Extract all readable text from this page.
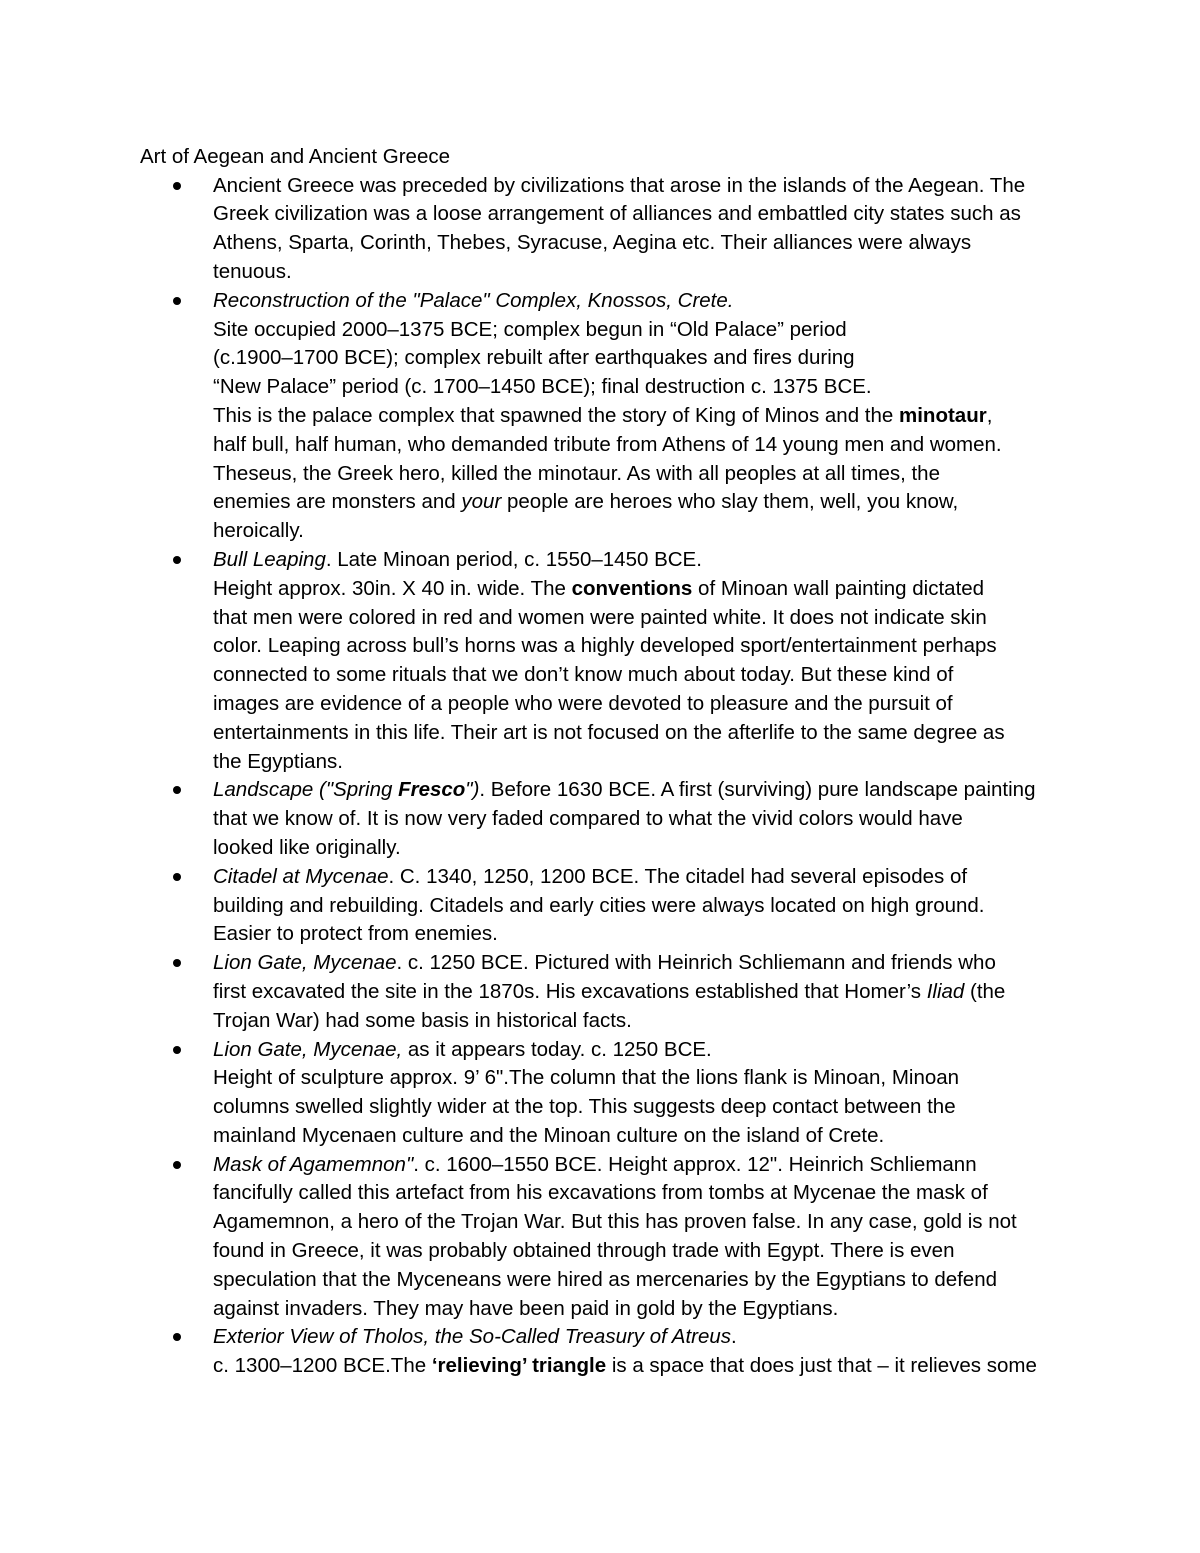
Art of Aegean and Ancient Greece
Ancient Greece was preceded by civilizations that arose in the islands of the Aegean. The
Greek civilization was a loose arrangement of alliances and embattled city states such as
Athens, Sparta, Corinth, Thebes, Syracuse, Aegina etc. Their alliances were always
tenuous.
Reconstruction of the "Palace" Complex, Knossos, Crete.
Site occupied 2000–1375 BCE; complex begun in “Old Palace” period
(c.1900–1700 BCE); complex rebuilt after earthquakes and fires during
“New Palace” period (c. 1700–1450 BCE); final destruction c. 1375 BCE.
This is the palace complex that spawned the story of King of Minos and the minotaur,
half bull, half human, who demanded tribute from Athens of 14 young men and women.
Theseus, the Greek hero, killed the minotaur. As with all peoples at all times, the
enemies are monsters and your people are heroes who slay them, well, you know,
heroically.
Bull Leaping. Late Minoan period, c. 1550–1450 BCE.
Height approx. 30in. X 40 in. wide. The conventions of Minoan wall painting dictated
that men were colored in red and women were painted white. It does not indicate skin
color. Leaping across bull’s horns was a highly developed sport/entertainment perhaps
connected to some rituals that we don’t know much about today. But these kind of
images are evidence of a people who were devoted to pleasure and the pursuit of
entertainments in this life. Their art is not focused on the afterlife to the same degree as
the Egyptians.
Landscape ("Spring Fresco"). Before 1630 BCE. A first (surviving) pure landscape painting
that we know of. It is now very faded compared to what the vivid colors would have
looked like originally.
Citadel at Mycenae. C. 1340, 1250, 1200 BCE. The citadel had several episodes of
building and rebuilding. Citadels and early cities were always located on high ground.
Easier to protect from enemies.
Lion Gate, Mycenae. c. 1250 BCE. Pictured with Heinrich Schliemann and friends who
first excavated the site in the 1870s. His excavations established that Homer’s Iliad (the
Trojan War) had some basis in historical facts.
Lion Gate, Mycenae, as it appears today. c. 1250 BCE.
Height of sculpture approx. 9’ 6".The column that the lions flank is Minoan, Minoan
columns swelled slightly wider at the top. This suggests deep contact between the
mainland Mycenaen culture and the Minoan culture on the island of Crete.
Mask of Agamemnon". c. 1600–1550 BCE. Height approx. 12". Heinrich Schliemann
fancifully called this artefact from his excavations from tombs at Mycenae the mask of
Agamemnon, a hero of the Trojan War. But this has proven false. In any case, gold is not
found in Greece, it was probably obtained through trade with Egypt. There is even
speculation that the Myceneans were hired as mercenaries by the Egyptians to defend
against invaders. They may have been paid in gold by the Egyptians.
Exterior View of Tholos, the So-Called Treasury of Atreus.
c. 1300–1200 BCE.The ‘relieving’ triangle is a space that does just that – it relieves some
